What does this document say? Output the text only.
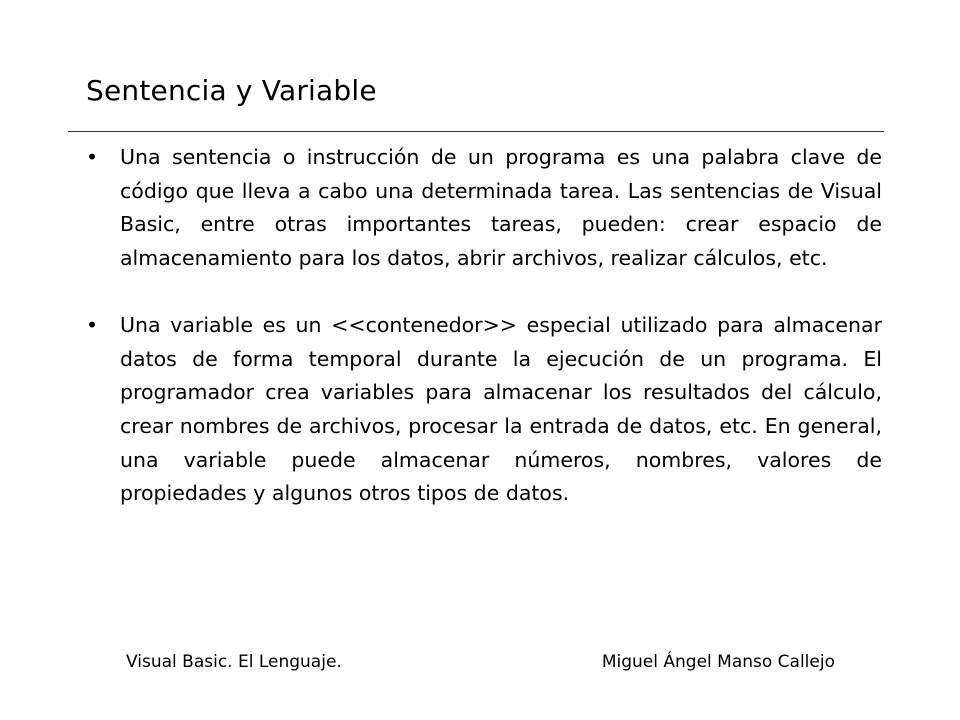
Sentencia y Variable
• Una sentencia o instrucción de un programa es una palabra clave de código que lleva a cabo una determinada tarea. Las sentencias de Visual Basic, entre otras importantes tareas, pueden: crear espacio de almacenamiento para los datos, abrir archivos, realizar cálculos, etc.
• Una variable es un <<contenedor>> especial utilizado para almacenar datos de forma temporal durante la ejecución de un programa. El programador crea variables para almacenar los resultados del cálculo, crear nombres de archivos, procesar la entrada de datos, etc. En general, una variable puede almacenar números, nombres, valores de propiedades y algunos otros tipos de datos.
Visual Basic. El Lenguaje.	Miguel Ángel Manso Callejo
